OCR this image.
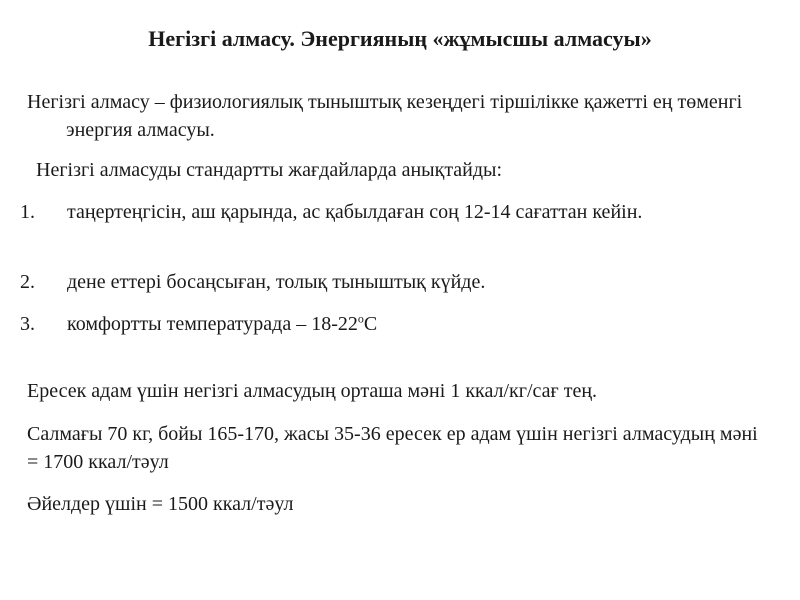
Негізгі алмасу. Энергияның «жұмысшы алмасуы»
Негізгі алмасу – физиологиялық тыныштық кезеңдегі тіршілікке қажетті ең төменгі энергия алмасуы.
Негізгі алмасуды стандартты жағдайларда анықтайды:
1. таңертеңгісін, аш қарында, ас қабылдаған соң 12-14 сағаттан кейін.
2. дене еттері босаңсыған, толық тыныштық күйде.
3. комфортты температурада – $18-22^оС$
Ересек адам үшін негізгі алмасудың орташа мәні 1 ккал/кг/сағ тең.
Салмағы 70 кг, бойы 165-170, жасы 35-36 ересек ер адам үшін негізгі алмасудың мәні = 1700 ккал/тәул
Әйелдер үшін = 1500 ккал/тәул
